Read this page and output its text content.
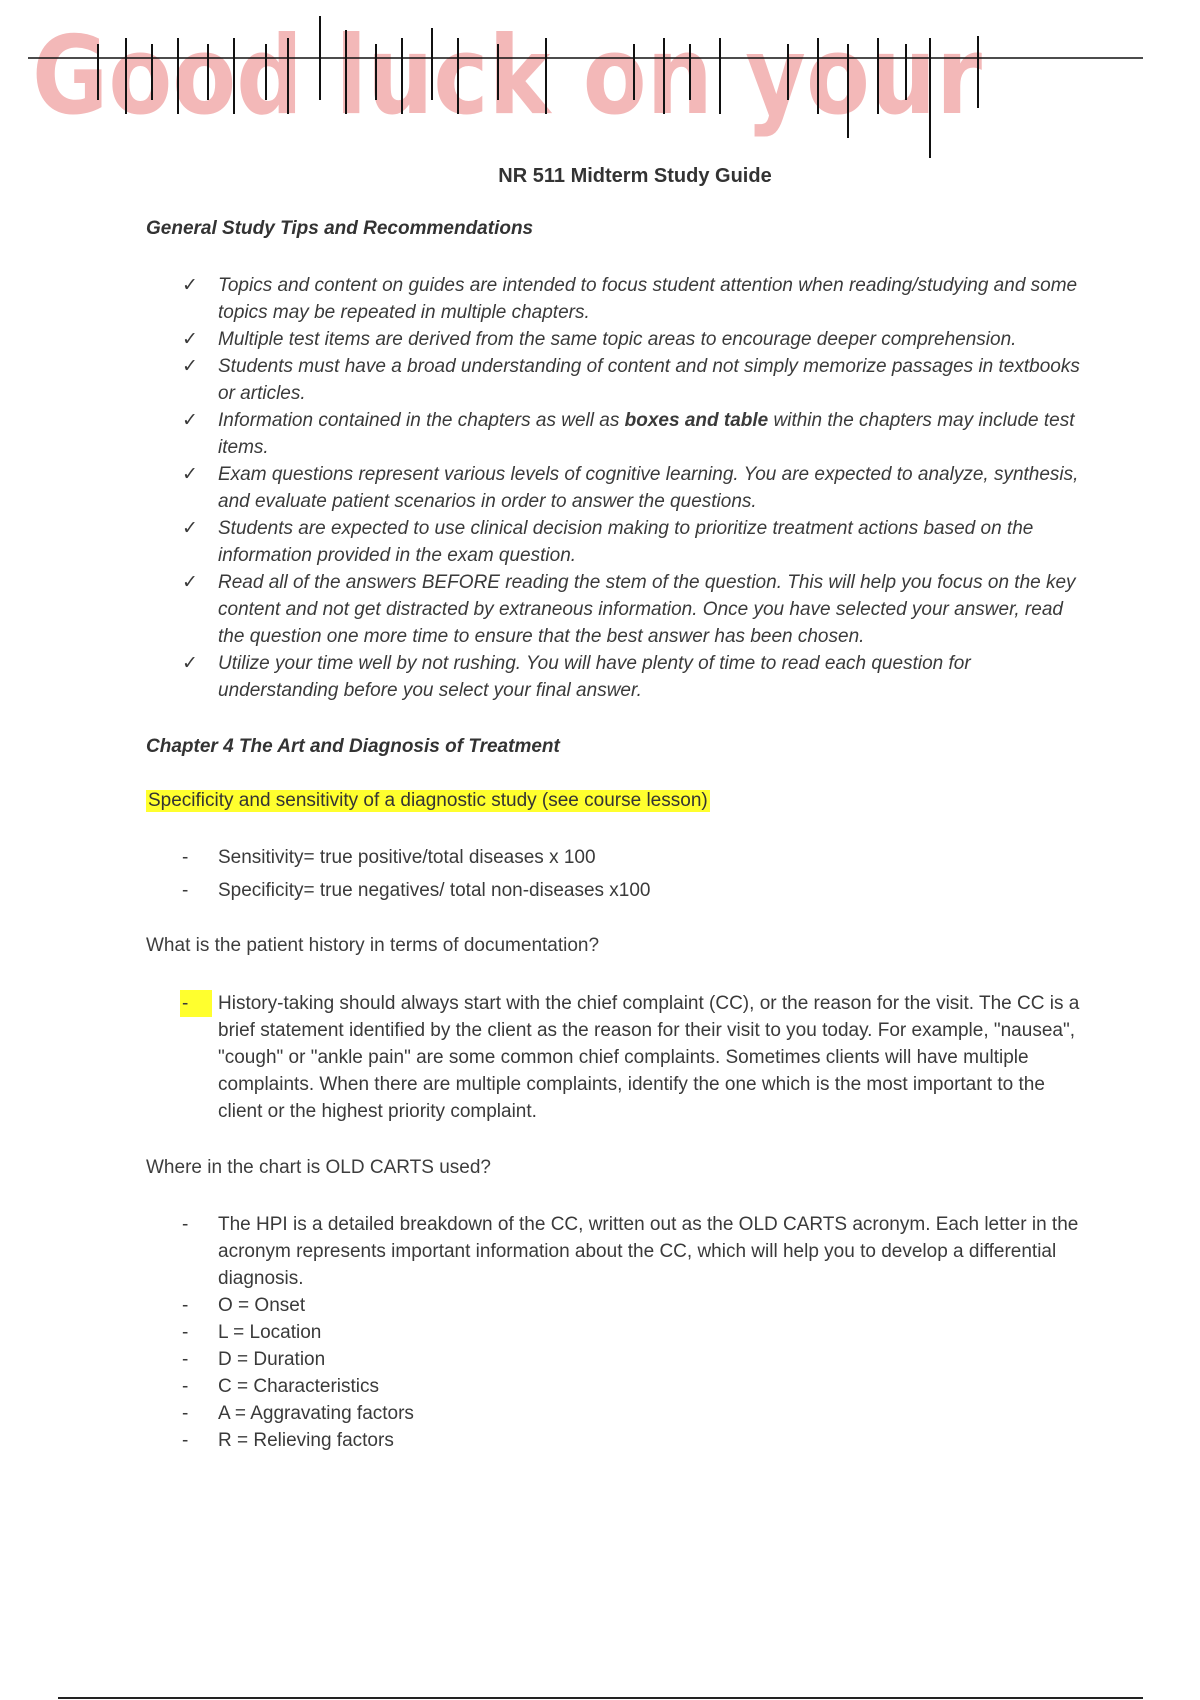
Good luck on your
NR 511 Midterm Study Guide
General Study Tips and Recommendations
✓ Topics and content on guides are intended to focus student attention when reading/studying and some topics may be repeated in multiple chapters.
✓ Multiple test items are derived from the same topic areas to encourage deeper comprehension.
✓ Students must have a broad understanding of content and not simply memorize passages in textbooks or articles.
✓ Information contained in the chapters as well as boxes and table within the chapters may include test items.
✓ Exam questions represent various levels of cognitive learning. You are expected to analyze, synthesis, and evaluate patient scenarios in order to answer the questions.
✓ Students are expected to use clinical decision making to prioritize treatment actions based on the information provided in the exam question.
✓ Read all of the answers BEFORE reading the stem of the question. This will help you focus on the key content and not get distracted by extraneous information. Once you have selected your answer, read the question one more time to ensure that the best answer has been chosen.
✓ Utilize your time well by not rushing. You will have plenty of time to read each question for understanding before you select your final answer.
Chapter 4 The Art and Diagnosis of Treatment
Specificity and sensitivity of a diagnostic study (see course lesson)
-	Sensitivity= true positive/total diseases x 100
-	Specificity= true negatives/ total non-diseases x100
What is the patient history in terms of documentation?
-	History-taking should always start with the chief complaint (CC), or the reason for the visit. The CC is a brief statement identified by the client as the reason for their visit to you today. For example, "nausea", "cough" or "ankle pain" are some common chief complaints. Sometimes clients will have multiple complaints. When there are multiple complaints, identify the one which is the most important to the client or the highest priority complaint.
Where in the chart is OLD CARTS used?
-	The HPI is a detailed breakdown of the CC, written out as the OLD CARTS acronym. Each letter in the acronym represents important information about the CC, which will help you to develop a differential diagnosis.
-	O = Onset
-	L = Location
-	D = Duration
-	C = Characteristics
-	A = Aggravating factors
-	R = Relieving factors
